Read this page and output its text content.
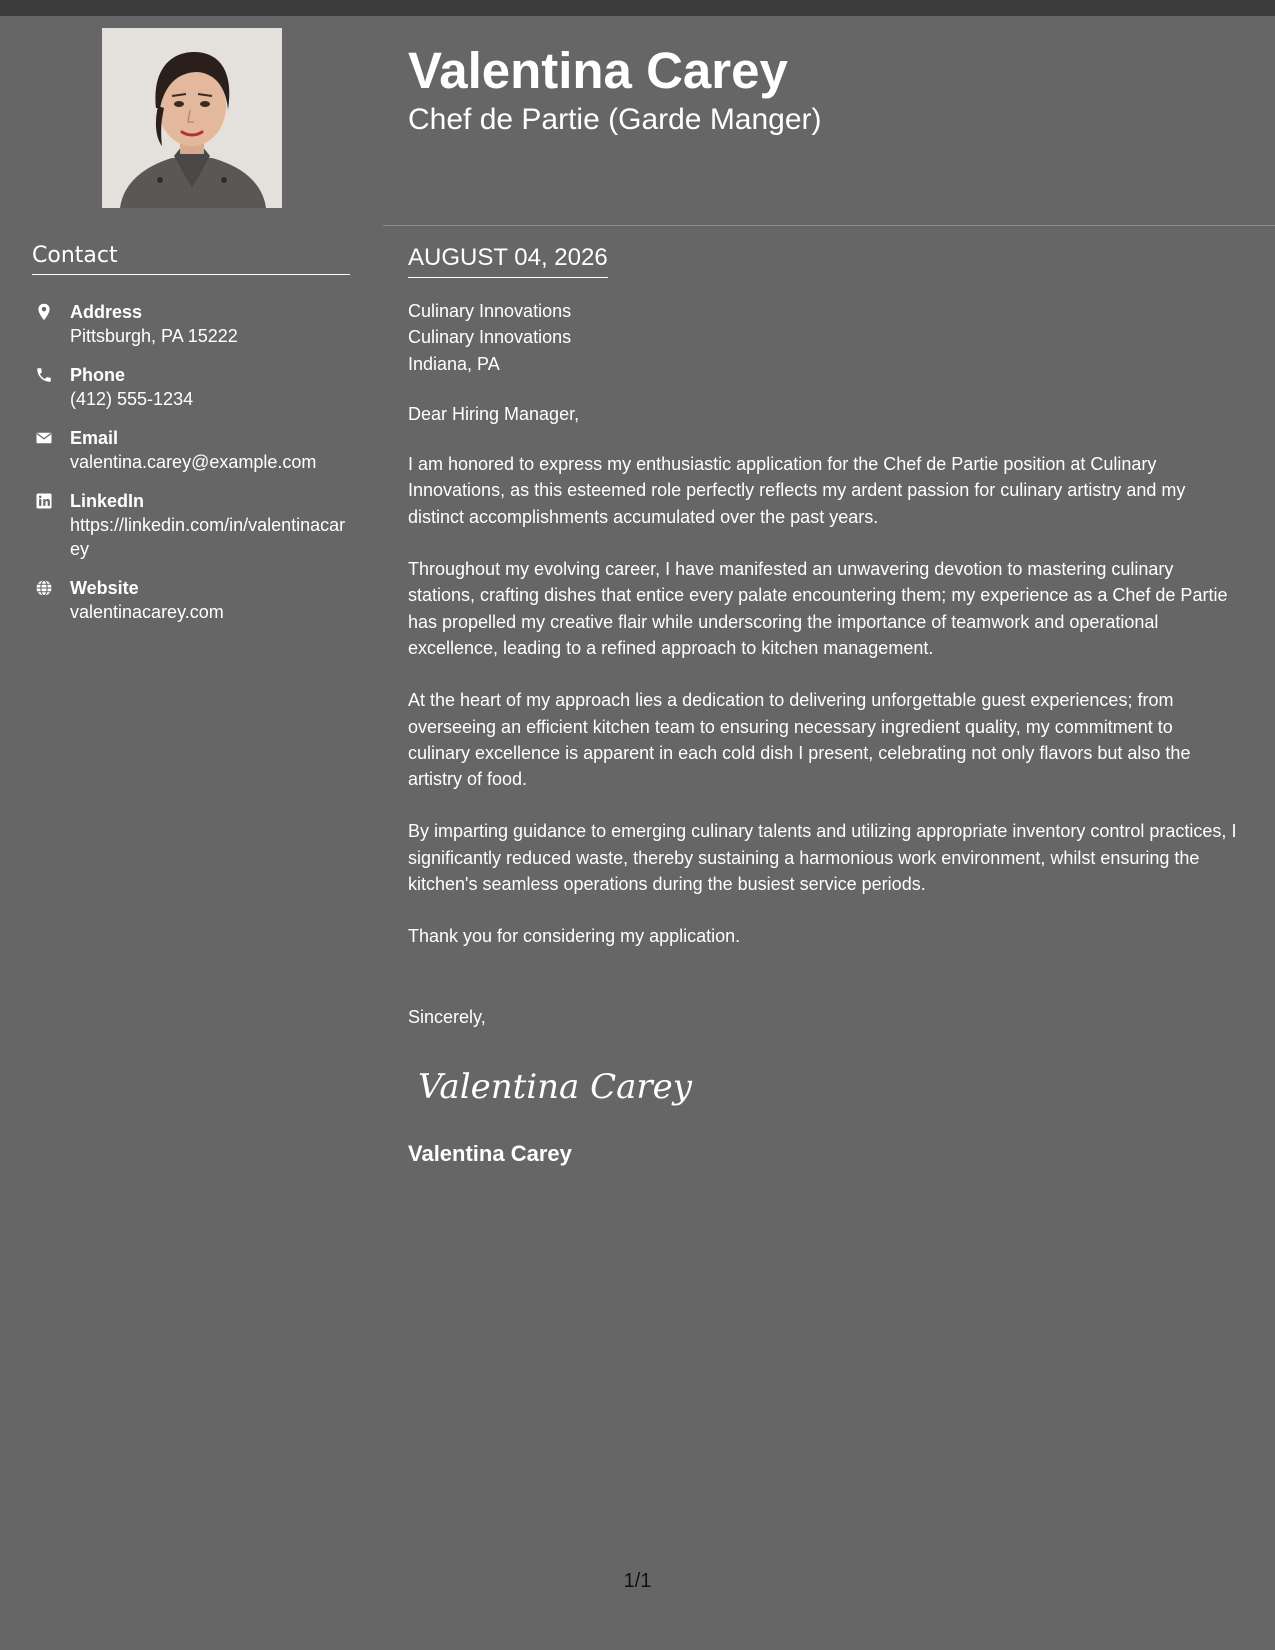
Contact
Address
Pittsburgh, PA 15222
Phone
(412) 555-1234
Email
valentina.carey@example.com
LinkedIn
https://linkedin.com/in/valentinacarey
Website
valentinacarey.com
Valentina Carey
Chef de Partie (Garde Manger)
AUGUST 04, 2026

Culinary Innovations

Culinary Innovations

Indiana, PA

Dear Hiring Manager,

I am honored to express my enthusiastic application for the Chef de Partie position at Culinary Innovations, as this esteemed role perfectly reflects my ardent passion for culinary artistry and my distinct accomplishments accumulated over the past years.

Throughout my evolving career, I have manifested an unwavering devotion to mastering culinary stations, crafting dishes that entice every palate encountering them; my experience as a Chef de Partie has propelled my creative flair while underscoring the importance of teamwork and operational excellence, leading to a refined approach to kitchen management.

At the heart of my approach lies a dedication to delivering unforgettable guest experiences; from overseeing an efficient kitchen team to ensuring necessary ingredient quality, my commitment to culinary excellence is apparent in each cold dish I present, celebrating not only flavors but also the artistry of food.

By imparting guidance to emerging culinary talents and utilizing appropriate inventory control practices, I significantly reduced waste, thereby sustaining a harmonious work environment, whilst ensuring the kitchen's seamless operations during the busiest service periods.

Thank you for considering my application.

Sincerely,

Valentina Carey
Valentina Carey
1/1
